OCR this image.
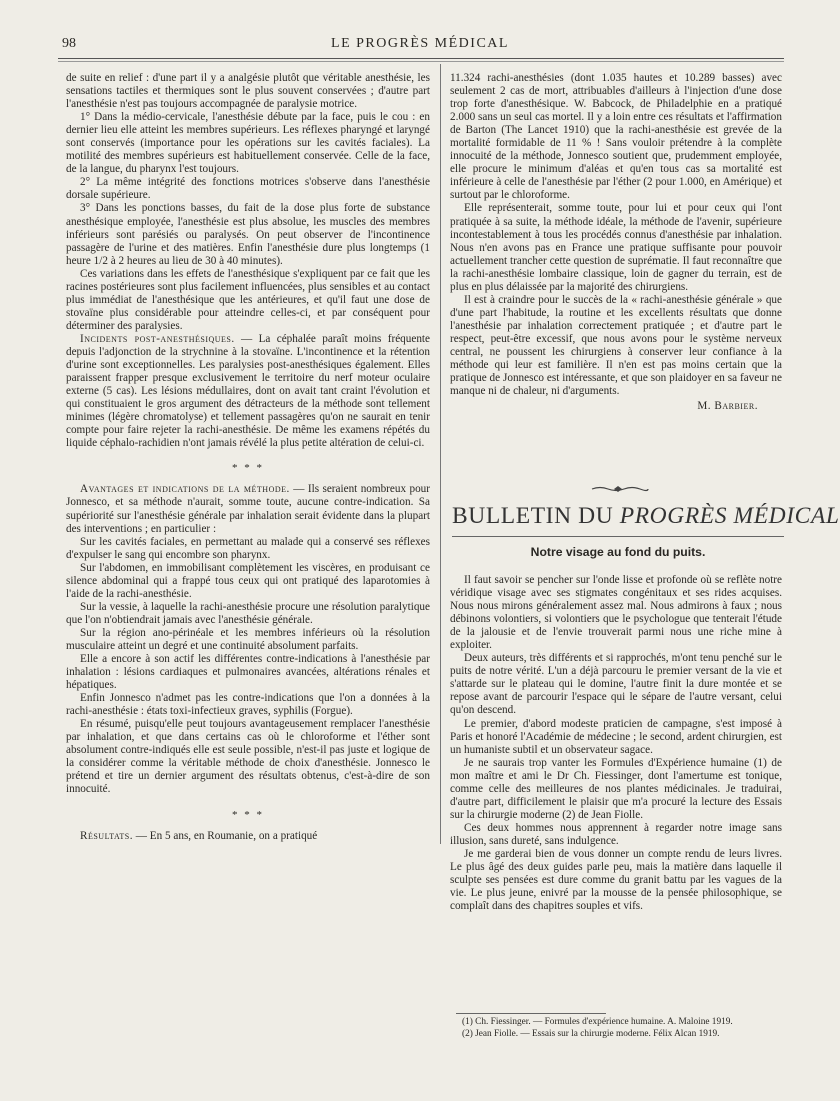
98	LE PROGRÈS MÉDICAL

de suite en relief : d'une part il y a analgésie plutôt que véritable anesthésie, les sensations tactiles et thermiques sont le plus souvent conservées ; d'autre part l'anesthésie n'est pas toujours accompagnée de paralysie motrice.

1° Dans la médio-cervicale, l'anesthésie débute par la face, puis le cou : en dernier lieu elle atteint les membres supérieurs. Les réflexes pharyngé et laryngé sont conservés (importance pour les opérations sur les cavités faciales). La motilité des membres supérieurs est habituellement conservée. Celle de la face, de la langue, du pharynx l'est toujours.

2° La même intégrité des fonctions motrices s'observe dans l'anesthésie dorsale supérieure.

3° Dans les ponctions basses, du fait de la dose plus forte de substance anesthésique employée, l'anesthésie est plus absolue, les muscles des membres inférieurs sont parésiés ou paralysés. On peut observer de l'incontinence passagère de l'urine et des matières. Enfin l'anesthésie dure plus longtemps (1 heure 1/2 à 2 heures au lieu de 30 à 40 minutes).

Ces variations dans les effets de l'anesthésique s'expliquent par ce fait que les racines postérieures sont plus facilement influencées, plus sensibles et au contact plus immédiat de l'anesthésique que les antérieures, et qu'il faut une dose de stovaïne plus considérable pour atteindre celles-ci, et par conséquent pour déterminer des paralysies.

Incidents post-anesthésiques. — La céphalée paraît moins fréquente depuis l'adjonction de la strychnine à la stovaïne. L'incontinence et la rétention d'urine sont exceptionnelles. Les paralysies post-anesthésiques également. Elles paraissent frapper presque exclusivement le territoire du nerf moteur oculaire externe (5 cas). Les lésions médullaires, dont on avait tant craint l'évolution et qui constituaient le gros argument des détracteurs de la méthode sont tellement minimes (légère chromatolyse) et tellement passagères qu'on ne saurait en tenir compte pour faire rejeter la rachi-anesthésie. De même les examens répétés du liquide céphalo-rachidien n'ont jamais révélé la plus petite altération de celui-ci.

* * *

Avantages et indications de la méthode. — Ils seraient nombreux pour Jonnesco, et sa méthode n'aurait, somme toute, aucune contre-indication. Sa supériorité sur l'anesthésie générale par inhalation serait évidente dans la plupart des interventions ; en particulier :

Sur les cavités faciales, en permettant au malade qui a conservé ses réflexes d'expulser le sang qui encombre son pharynx.

Sur l'abdomen, en immobilisant complètement les viscères, en produisant ce silence abdominal qui a frappé tous ceux qui ont pratiqué des laparotomies à l'aide de la rachi-anesthésie.

Sur la vessie, à laquelle la rachi-anesthésie procure une résolution paralytique que l'on n'obtiendrait jamais avec l'anesthésie générale.

Sur la région ano-périnéale et les membres inférieurs où la résolution musculaire atteint un degré et une continuité absolument parfaits.

Elle a encore à son actif les différentes contre-indications à l'anesthésie par inhalation : lésions cardiaques et pulmonaires avancées, altérations rénales et hépatiques.

Enfin Jonnesco n'admet pas les contre-indications que l'on a données à la rachi-anesthésie : états toxi-infectieux graves, syphilis (Forgue).

En résumé, puisqu'elle peut toujours avantageusement remplacer l'anesthésie par inhalation, et que dans certains cas où le chloroforme et l'éther sont absolument contre-indiqués elle est seule possible, n'est-il pas juste et logique de la considérer comme la véritable méthode de choix d'anesthésie. Jonnesco le prétend et tire un dernier argument des résultats obtenus, c'est-à-dire de son innocuité.

* * *

Résultats. — En 5 ans, en Roumanie, on a pratiqué

11.324 rachi-anesthésies (dont 1.035 hautes et 10.289 basses) avec seulement 2 cas de mort, attribuables d'ailleurs à l'injection d'une dose trop forte d'anesthésique. W. Babcock, de Philadelphie en a pratiqué 2.000 sans un seul cas mortel. Il y a loin entre ces résultats et l'affirmation de Barton (The Lancet 1910) que la rachi-anesthésie est grevée de la mortalité formidable de 11 % ! Sans vouloir prétendre à la complète innocuité de la méthode, Jonnesco soutient que, prudemment employée, elle procure le minimum d'aléas et qu'en tous cas sa mortalité est inférieure à celle de l'anesthésie par l'éther (2 pour 1.000, en Amérique) et surtout par le chloroforme.

Elle représenterait, somme toute, pour lui et pour ceux qui l'ont pratiquée à sa suite, la méthode idéale, la méthode de l'avenir, supérieure incontestablement à tous les procédés connus d'anesthésie par inhalation. Nous n'en avons pas en France une pratique suffisante pour pouvoir actuellement trancher cette question de suprématie. Il faut reconnaître que la rachi-anesthésie lombaire classique, loin de gagner du terrain, est de plus en plus délaissée par la majorité des chirurgiens.

Il est à craindre pour le succès de la « rachi-anesthésie générale » que d'une part l'habitude, la routine et les excellents résultats que donne l'anesthésie par inhalation correctement pratiquée ; et d'autre part le respect, peut-être excessif, que nous avons pour le système nerveux central, ne poussent les chirurgiens à conserver leur confiance à la méthode qui leur est familière. Il n'en est pas moins certain que la pratique de Jonnesco est intéressante, et que son plaidoyer en sa faveur ne manque ni de chaleur, ni d'arguments.

M. Barbier.

BULLETIN DU PROGRÈS MÉDICAL
Notre visage au fond du puits.

Il faut savoir se pencher sur l'onde lisse et profonde où se reflète notre véridique visage avec ses stigmates congénitaux et ses rides acquises. Nous nous mirons généralement assez mal. Nous admirons à faux ; nous débinons volontiers, si volontiers que le psychologue que tenterait l'étude de la jalousie et de l'envie trouverait parmi nous une riche mine à exploiter.

Deux auteurs, très différents et si rapprochés, m'ont tenu penché sur le puits de notre vérité. L'un a déjà parcouru le premier versant de la vie et s'attarde sur le plateau qui le domine, l'autre finit la dure montée et se repose avant de parcourir l'espace qui le sépare de l'autre versant, celui qu'on descend.

Le premier, d'abord modeste praticien de campagne, s'est imposé à Paris et honoré l'Académie de médecine ; le second, ardent chirurgien, est un humaniste subtil et un observateur sagace.

Je ne saurais trop vanter les Formules d'Expérience humaine (1) de mon maître et ami le Dr Ch. Fiessinger, dont l'amertume est tonique, comme celle des meilleures de nos plantes médicinales. Je traduirai, d'autre part, difficilement le plaisir que m'a procuré la lecture des Essais sur la chirurgie moderne (2) de Jean Fiolle.

Ces deux hommes nous apprennent à regarder notre image sans illusion, sans dureté, sans indulgence.

Je me garderai bien de vous donner un compte rendu de leurs livres. Le plus âgé des deux guides parle peu, mais la matière dans laquelle il sculpte ses pensées est dure comme du granit battu par les vagues de la vie. Le plus jeune, enivré par la mousse de la pensée philosophique, se complaît dans des chapitres souples et vifs.

(1) Ch. Fiessinger. — Formules d'expérience humaine. A. Maloine 1919.

(2) Jean Fiolle. — Essais sur la chirurgie moderne. Félix Alcan 1919.
